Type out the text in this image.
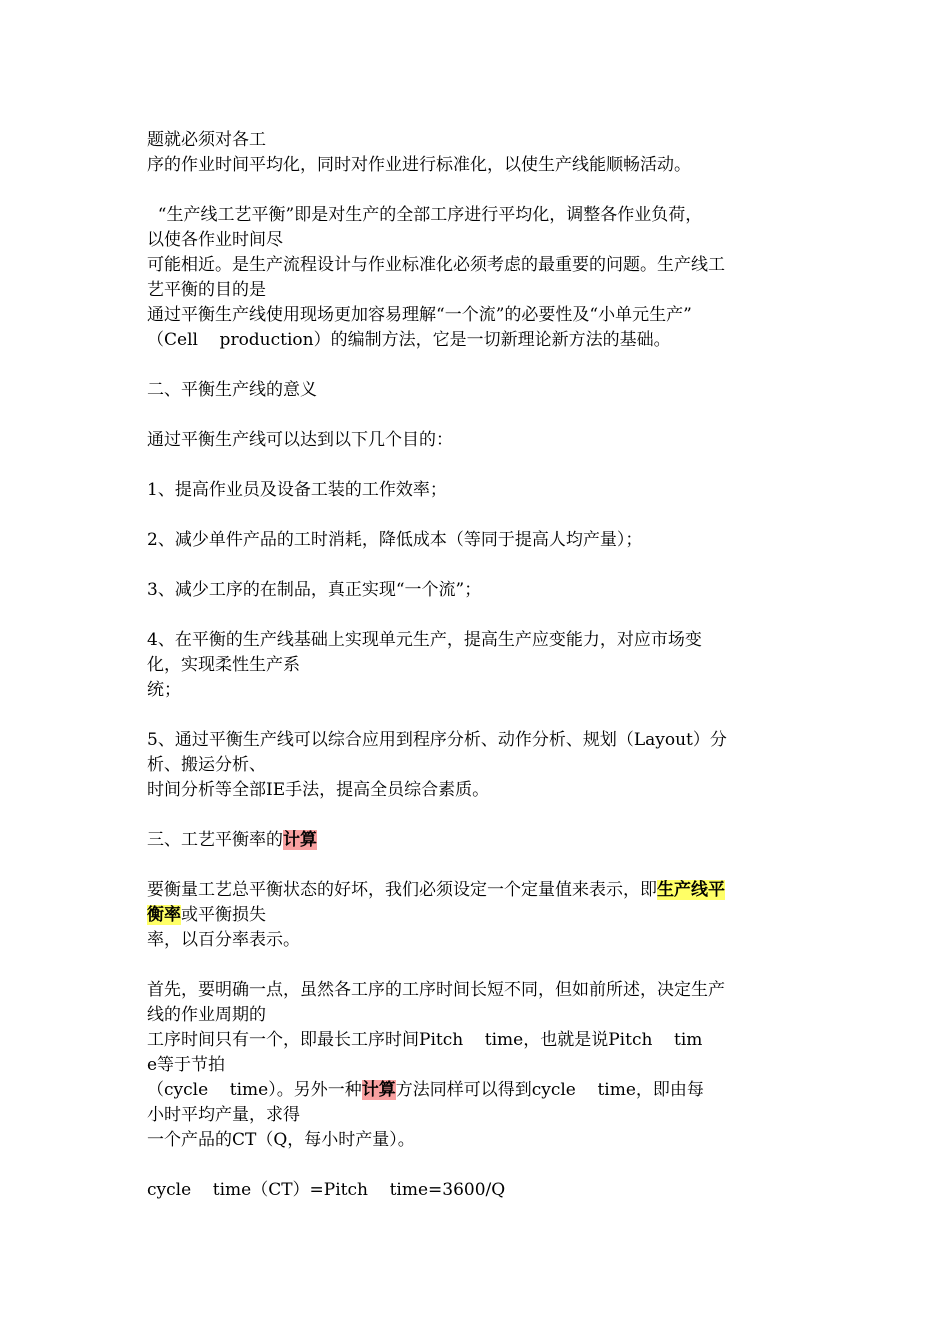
题就必须对各工
序的作业时间平均化，同时对作业进行标准化，以使生产线能顺畅活动。
“生产线工艺平衡”即是对生产的全部工序进行平均化，调整各作业负荷，
以使各作业时间尽
可能相近。是生产流程设计与作业标准化必须考虑的最重要的问题。生产线工
艺平衡的目的是
通过平衡生产线使用现场更加容易理解“一个流”的必要性及“小单元生产”
（Cell    production）的编制方法，它是一切新理论新方法的基础。
二、平衡生产线的意义
通过平衡生产线可以达到以下几个目的：
1、提高作业员及设备工装的工作效率；
2、减少单件产品的工时消耗，降低成本（等同于提高人均产量）；
3、减少工序的在制品，真正实现“一个流”；
4、在平衡的生产线基础上实现单元生产，提高生产应变能力，对应市场变
化，实现柔性生产系
统；
5、通过平衡生产线可以综合应用到程序分析、动作分析、规划（Layout）分
析、搬运分析、
时间分析等全部IE手法，提高全员综合素质。
三、工艺平衡率的计算
要衡量工艺总平衡状态的好坏，我们必须设定一个定量值来表示，即生产线平
衡率或平衡损失
率，以百分率表示。
首先，要明确一点，虽然各工序的工序时间长短不同，但如前所述，决定生产
线的作业周期的
工序时间只有一个，即最长工序时间Pitch    time，也就是说Pitch    tim
e等于节拍
（cycle    time）。另外一种计算方法同样可以得到cycle    time，即由每
小时平均产量，求得
一个产品的CT（Q，每小时产量）。
cycle    time（CT）=Pitch    time=3600/Q
